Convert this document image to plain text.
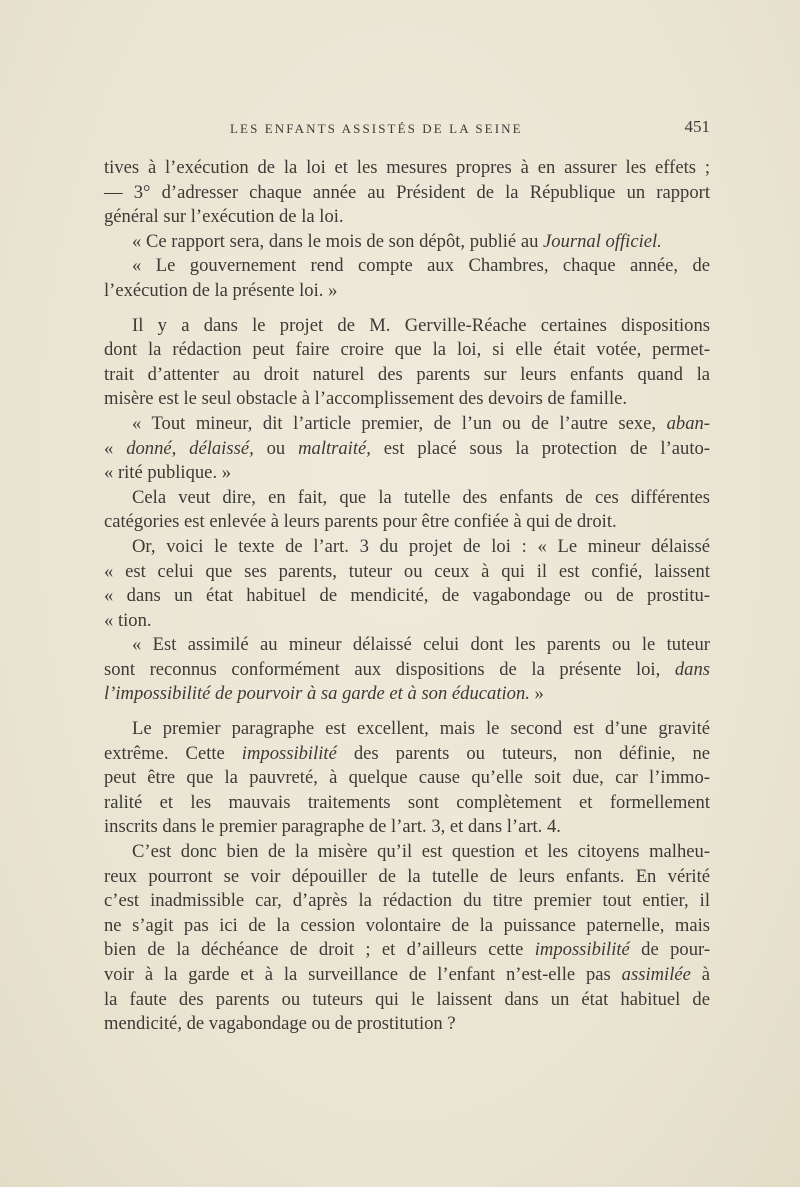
LES ENFANTS ASSISTÉS DE LA SEINE	451
tives à l’exécution de la loi et les mesures propres à en assurer les effets ;
— 3° d’adresser chaque année au Président de la République un rapport
général sur l’exécution de la loi.
« Ce rapport sera, dans le mois de son dépôt, publié au Journal officiel.
« Le gouvernement rend compte aux Chambres, chaque année, de
l’exécution de la présente loi. »
Il y a dans le projet de M. Gerville-Réache certaines dispositions
dont la rédaction peut faire croire que la loi, si elle était votée, permet-
trait d’attenter au droit naturel des parents sur leurs enfants quand la
misère est le seul obstacle à l’accomplissement des devoirs de famille.
« Tout mineur, dit l’article premier, de l’un ou de l’autre sexe, aban-
« donné, délaissé, ou maltraité, est placé sous la protection de l’auto-
« rité publique. »
Cela veut dire, en fait, que la tutelle des enfants de ces différentes
catégories est enlevée à leurs parents pour être confiée à qui de droit.
Or, voici le texte de l’art. 3 du projet de loi : « Le mineur délaissé
« est celui que ses parents, tuteur ou ceux à qui il est confié, laissent
« dans un état habituel de mendicité, de vagabondage ou de prostitu-
« tion.
« Est assimilé au mineur délaissé celui dont les parents ou le tuteur
sont reconnus conformément aux dispositions de la présente loi, dans
l’impossibilité de pourvoir à sa garde et à son éducation. »
Le premier paragraphe est excellent, mais le second est d’une gravité
extrême. Cette impossibilité des parents ou tuteurs, non définie, ne
peut être que la pauvreté, à quelque cause qu’elle soit due, car l’immo-
ralité et les mauvais traitements sont complètement et formellement
inscrits dans le premier paragraphe de l’art. 3, et dans l’art. 4.
C’est donc bien de la misère qu’il est question et les citoyens malheu-
reux pourront se voir dépouiller de la tutelle de leurs enfants. En vérité
c’est inadmissible car, d’après la rédaction du titre premier tout entier, il
ne s’agit pas ici de la cession volontaire de la puissance paternelle, mais
bien de la déchéance de droit ; et d’ailleurs cette impossibilité de pour-
voir à la garde et à la surveillance de l’enfant n’est-elle pas assimilée à
la faute des parents ou tuteurs qui le laissent dans un état habituel de
mendicité, de vagabondage ou de prostitution ?
